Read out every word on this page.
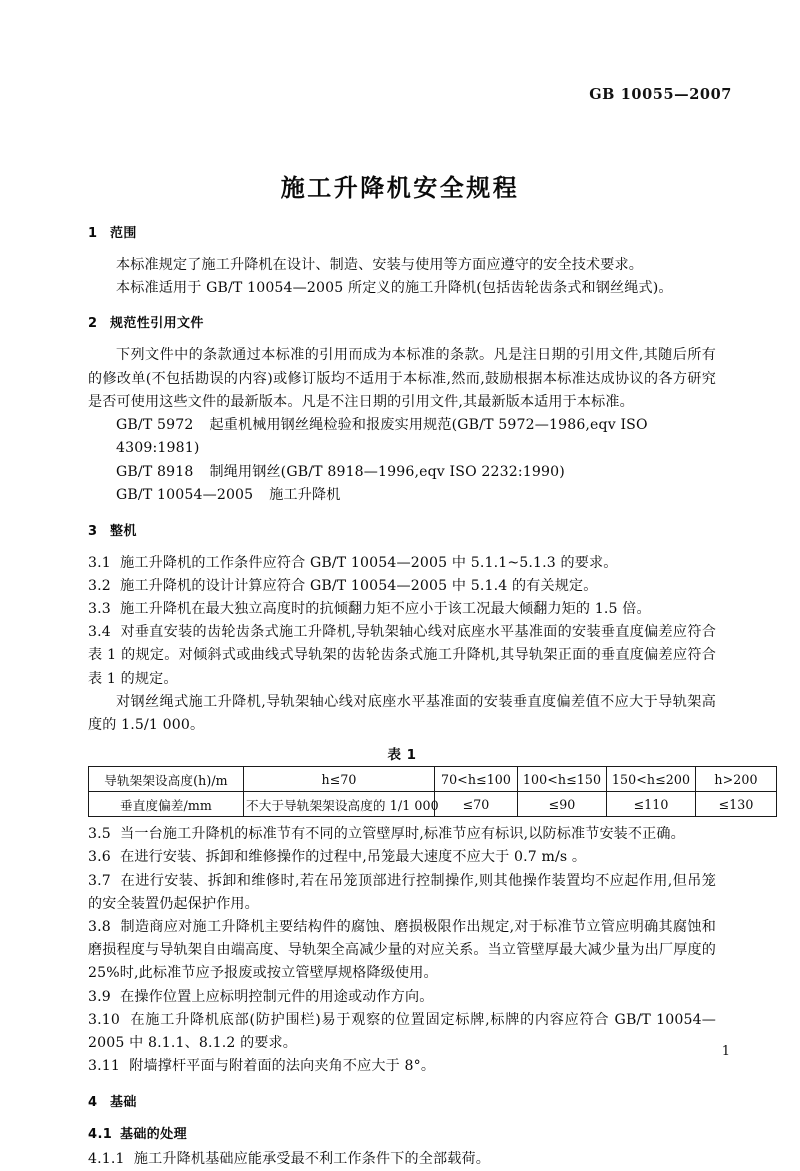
GB 10055—2007
施工升降机安全规程
1 范围

本标准规定了施工升降机在设计、制造、安装与使用等方面应遵守的安全技术要求。

本标准适用于 GB/T 10054—2005 所定义的施工升降机(包括齿轮齿条式和钢丝绳式)。

2 规范性引用文件

下列文件中的条款通过本标准的引用而成为本标准的条款。凡是注日期的引用文件,其随后所有的修改单(不包括勘误的内容)或修订版均不适用于本标准,然而,鼓励根据本标准达成协议的各方研究是否可使用这些文件的最新版本。凡是不注日期的引用文件,其最新版本适用于本标准。

GB/T 5972 起重机械用钢丝绳检验和报废实用规范(GB/T 5972—1986,eqv ISO 4309:1981)

GB/T 8918 制绳用钢丝(GB/T 8918—1996,eqv ISO 2232:1990)

GB/T 10054—2005 施工升降机

3 整机

3.1 施工升降机的工作条件应符合 GB/T 10054—2005 中 5.1.1~5.1.3 的要求。

3.2 施工升降机的设计计算应符合 GB/T 10054—2005 中 5.1.4 的有关规定。

3.3 施工升降机在最大独立高度时的抗倾翻力矩不应小于该工况最大倾翻力矩的 1.5 倍。

3.4 对垂直安装的齿轮齿条式施工升降机,导轨架轴心线对底座水平基准面的安装垂直度偏差应符合表 1 的规定。对倾斜式或曲线式导轨架的齿轮齿条式施工升降机,其导轨架正面的垂直度偏差应符合表 1 的规定。

对钢丝绳式施工升降机,导轨架轴心线对底座水平基准面的安装垂直度偏差值不应大于导轨架高度的 1.5/1 000。

表 1
导轨架架设高度(h)/m	h≤70	70<h≤100	100<h≤150	150<h≤200	h>200
垂直度偏差/mm	不大于导轨架架设高度的 1/1 000	≤70	≤90	≤110	≤130

3.5 当一台施工升降机的标准节有不同的立管壁厚时,标准节应有标识,以防标准节安装不正确。

3.6 在进行安装、拆卸和维修操作的过程中,吊笼最大速度不应大于 0.7 m/s 。

3.7 在进行安装、拆卸和维修时,若在吊笼顶部进行控制操作,则其他操作装置均不应起作用,但吊笼的安全装置仍起保护作用。

3.8 制造商应对施工升降机主要结构件的腐蚀、磨损极限作出规定,对于标准节立管应明确其腐蚀和磨损程度与导轨架自由端高度、导轨架全高减少量的对应关系。当立管壁厚最大减少量为出厂厚度的 25%时,此标准节应予报废或按立管壁厚规格降级使用。

3.9 在操作位置上应标明控制元件的用途或动作方向。

3.10 在施工升降机底部(防护围栏)易于观察的位置固定标牌,标牌的内容应符合 GB/T 10054—2005 中 8.1.1、8.1.2 的要求。

3.11 附墙撑杆平面与附着面的法向夹角不应大于 8°。

4 基础
4.1 基础的处理

4.1.1 施工升降机基础应能承受最不利工作条件下的全部载荷。

1
